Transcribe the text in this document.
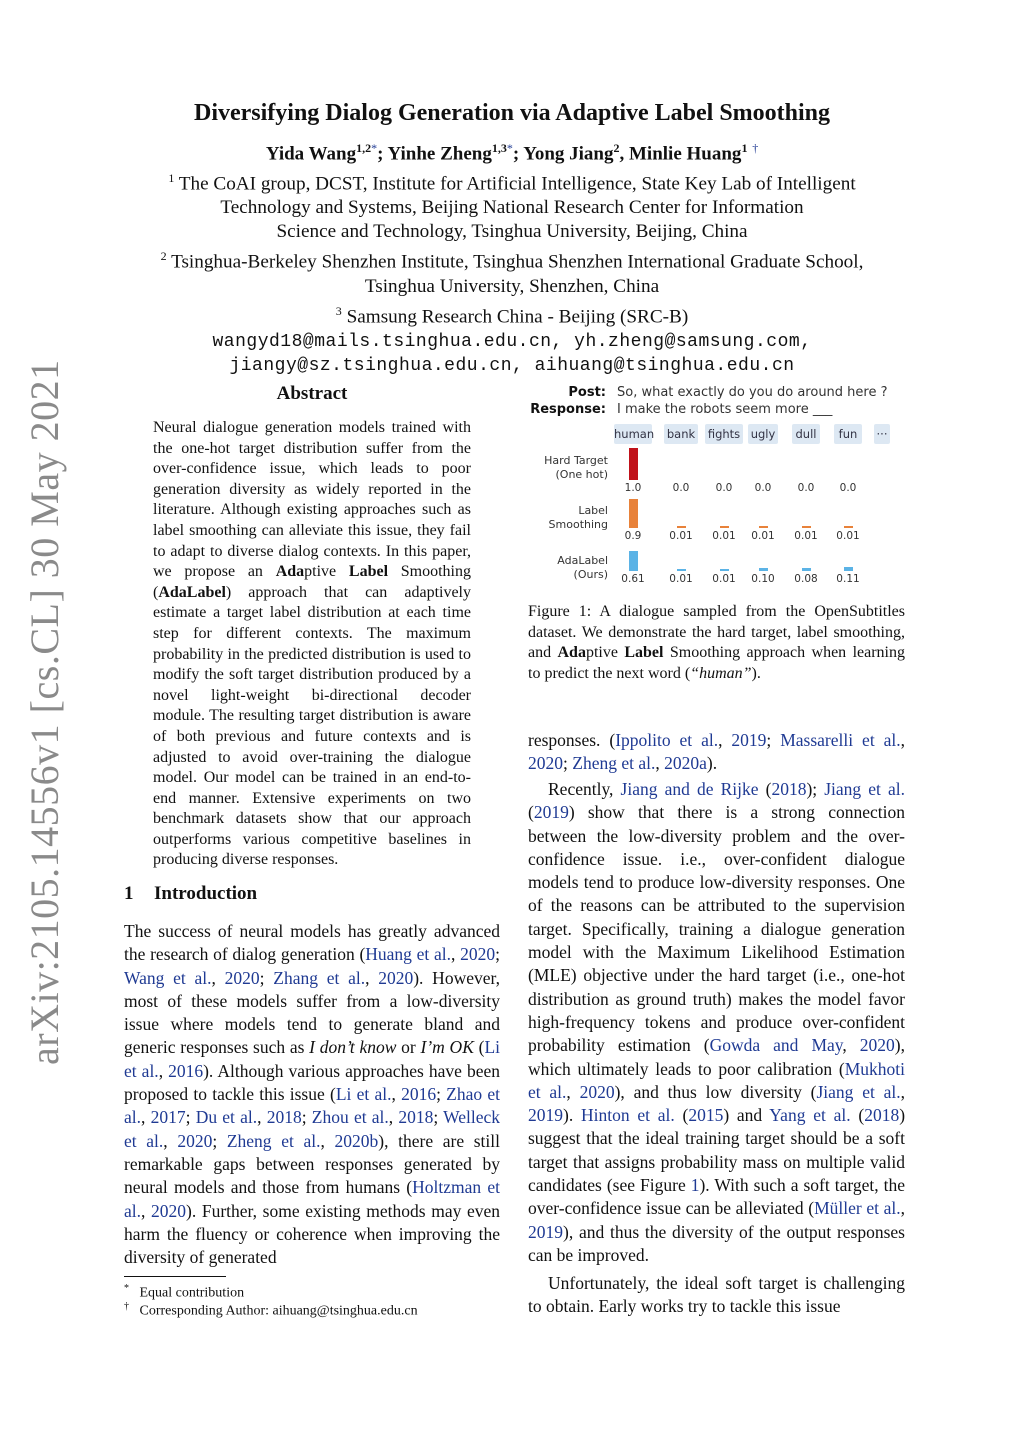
arXiv:2105.14556v1 [cs.CL] 30 May 2021
Diversifying Dialog Generation via Adaptive Label Smoothing
Yida Wang$^{1,2*}$; Yinhe Zheng$^{1,3*}$; Yong Jiang$^2$, Minlie Huang$^1$ †
$^1$ The CoAI group, DCST, Institute for Artificial Intelligence, State Key Lab of Intelligent
Technology and Systems, Beijing National Research Center for Information
Science and Technology, Tsinghua University, Beijing, China
$^2$ Tsinghua-Berkeley Shenzhen Institute, Tsinghua Shenzhen International Graduate School,
Tsinghua University, Shenzhen, China
$^3$ Samsung Research China - Beijing (SRC-B)
wangyd18@mails.tsinghua.edu.cn, yh.zheng@samsung.com,
jiangy@sz.tsinghua.edu.cn, aihuang@tsinghua.edu.cn
Abstract

Neural dialogue generation models trained with the one-hot target distribution suffer from the over-confidence issue, which leads to poor generation diversity as widely reported in the literature. Although existing approaches such as label smoothing can alleviate this issue, they fail to adapt to diverse dialog contexts. In this paper, we propose an Adaptive Label Smoothing (AdaLabel) approach that can adaptively estimate a target label distribution at each time step for different contexts. The maximum probability in the predicted distribution is used to modify the soft target distribution produced by a novel light-weight bi-directional decoder module. The resulting target distribution is aware of both previous and future contexts and is adjusted to avoid over-training the dialogue model. Our model can be trained in an end-to-end manner. Extensive experiments on two benchmark datasets show that our approach outperforms various competitive baselines in producing diverse responses.

1 Introduction

The success of neural models has greatly advanced the research of dialog generation (Huang et al., 2020; Wang et al., 2020; Zhang et al., 2020). However, most of these models suffer from a low-diversity issue where models tend to generate bland and generic responses such as I don’t know or I’m OK (Li et al., 2016). Although various approaches have been proposed to tackle this issue (Li et al., 2016; Zhao et al., 2017; Du et al., 2018; Zhou et al., 2018; Welleck et al., 2020; Zheng et al., 2020b), there are still remarkable gaps between responses generated by neural models and those from humans (Holtzman et al., 2020). Further, some existing methods may even harm the fluency or coherence when improving the diversity of generated

* Equal contribution
† Corresponding Author: aihuang@tsinghua.edu.cn
Post: So, what exactly do you do around here ?
Response: I make the robots seem more ___
human bank fights ugly	dull	fun	···
Hard Target
(One hot)
1.0	0.0	0.0	0.0	0.0	0.0
Label
Smoothing
0.9	0.01	0.01	0.01	0.01	0.01
AdaLabel
(Ours)	0.61	0.01	0.01	0.10	0.08	0.11

Figure 1: A dialogue sampled from the OpenSubtitles dataset. We demonstrate the hard target, label smoothing, and Adaptive Label Smoothing approach when learning to predict the next word (“human”).

responses. (Ippolito et al., 2019; Massarelli et al., 2020; Zheng et al., 2020a).

Recently, Jiang and de Rijke (2018); Jiang et al. (2019) show that there is a strong connection between the low-diversity problem and the over-confidence issue. i.e., over-confident dialogue models tend to produce low-diversity responses. One of the reasons can be attributed to the supervision target. Specifically, training a dialogue generation model with the Maximum Likelihood Estimation (MLE) objective under the hard target (i.e., one-hot distribution as ground truth) makes the model favor high-frequency tokens and produce over-confident probability estimation (Gowda and May, 2020), which ultimately leads to poor calibration (Mukhoti et al., 2020), and thus low diversity (Jiang et al., 2019). Hinton et al. (2015) and Yang et al. (2018) suggest that the ideal training target should be a soft target that assigns probability mass on multiple valid candidates (see Figure 1). With such a soft target, the over-confidence issue can be alleviated (Müller et al., 2019), and thus the diversity of the output responses can be improved.

Unfortunately, the ideal soft target is challenging to obtain. Early works try to tackle this issue
